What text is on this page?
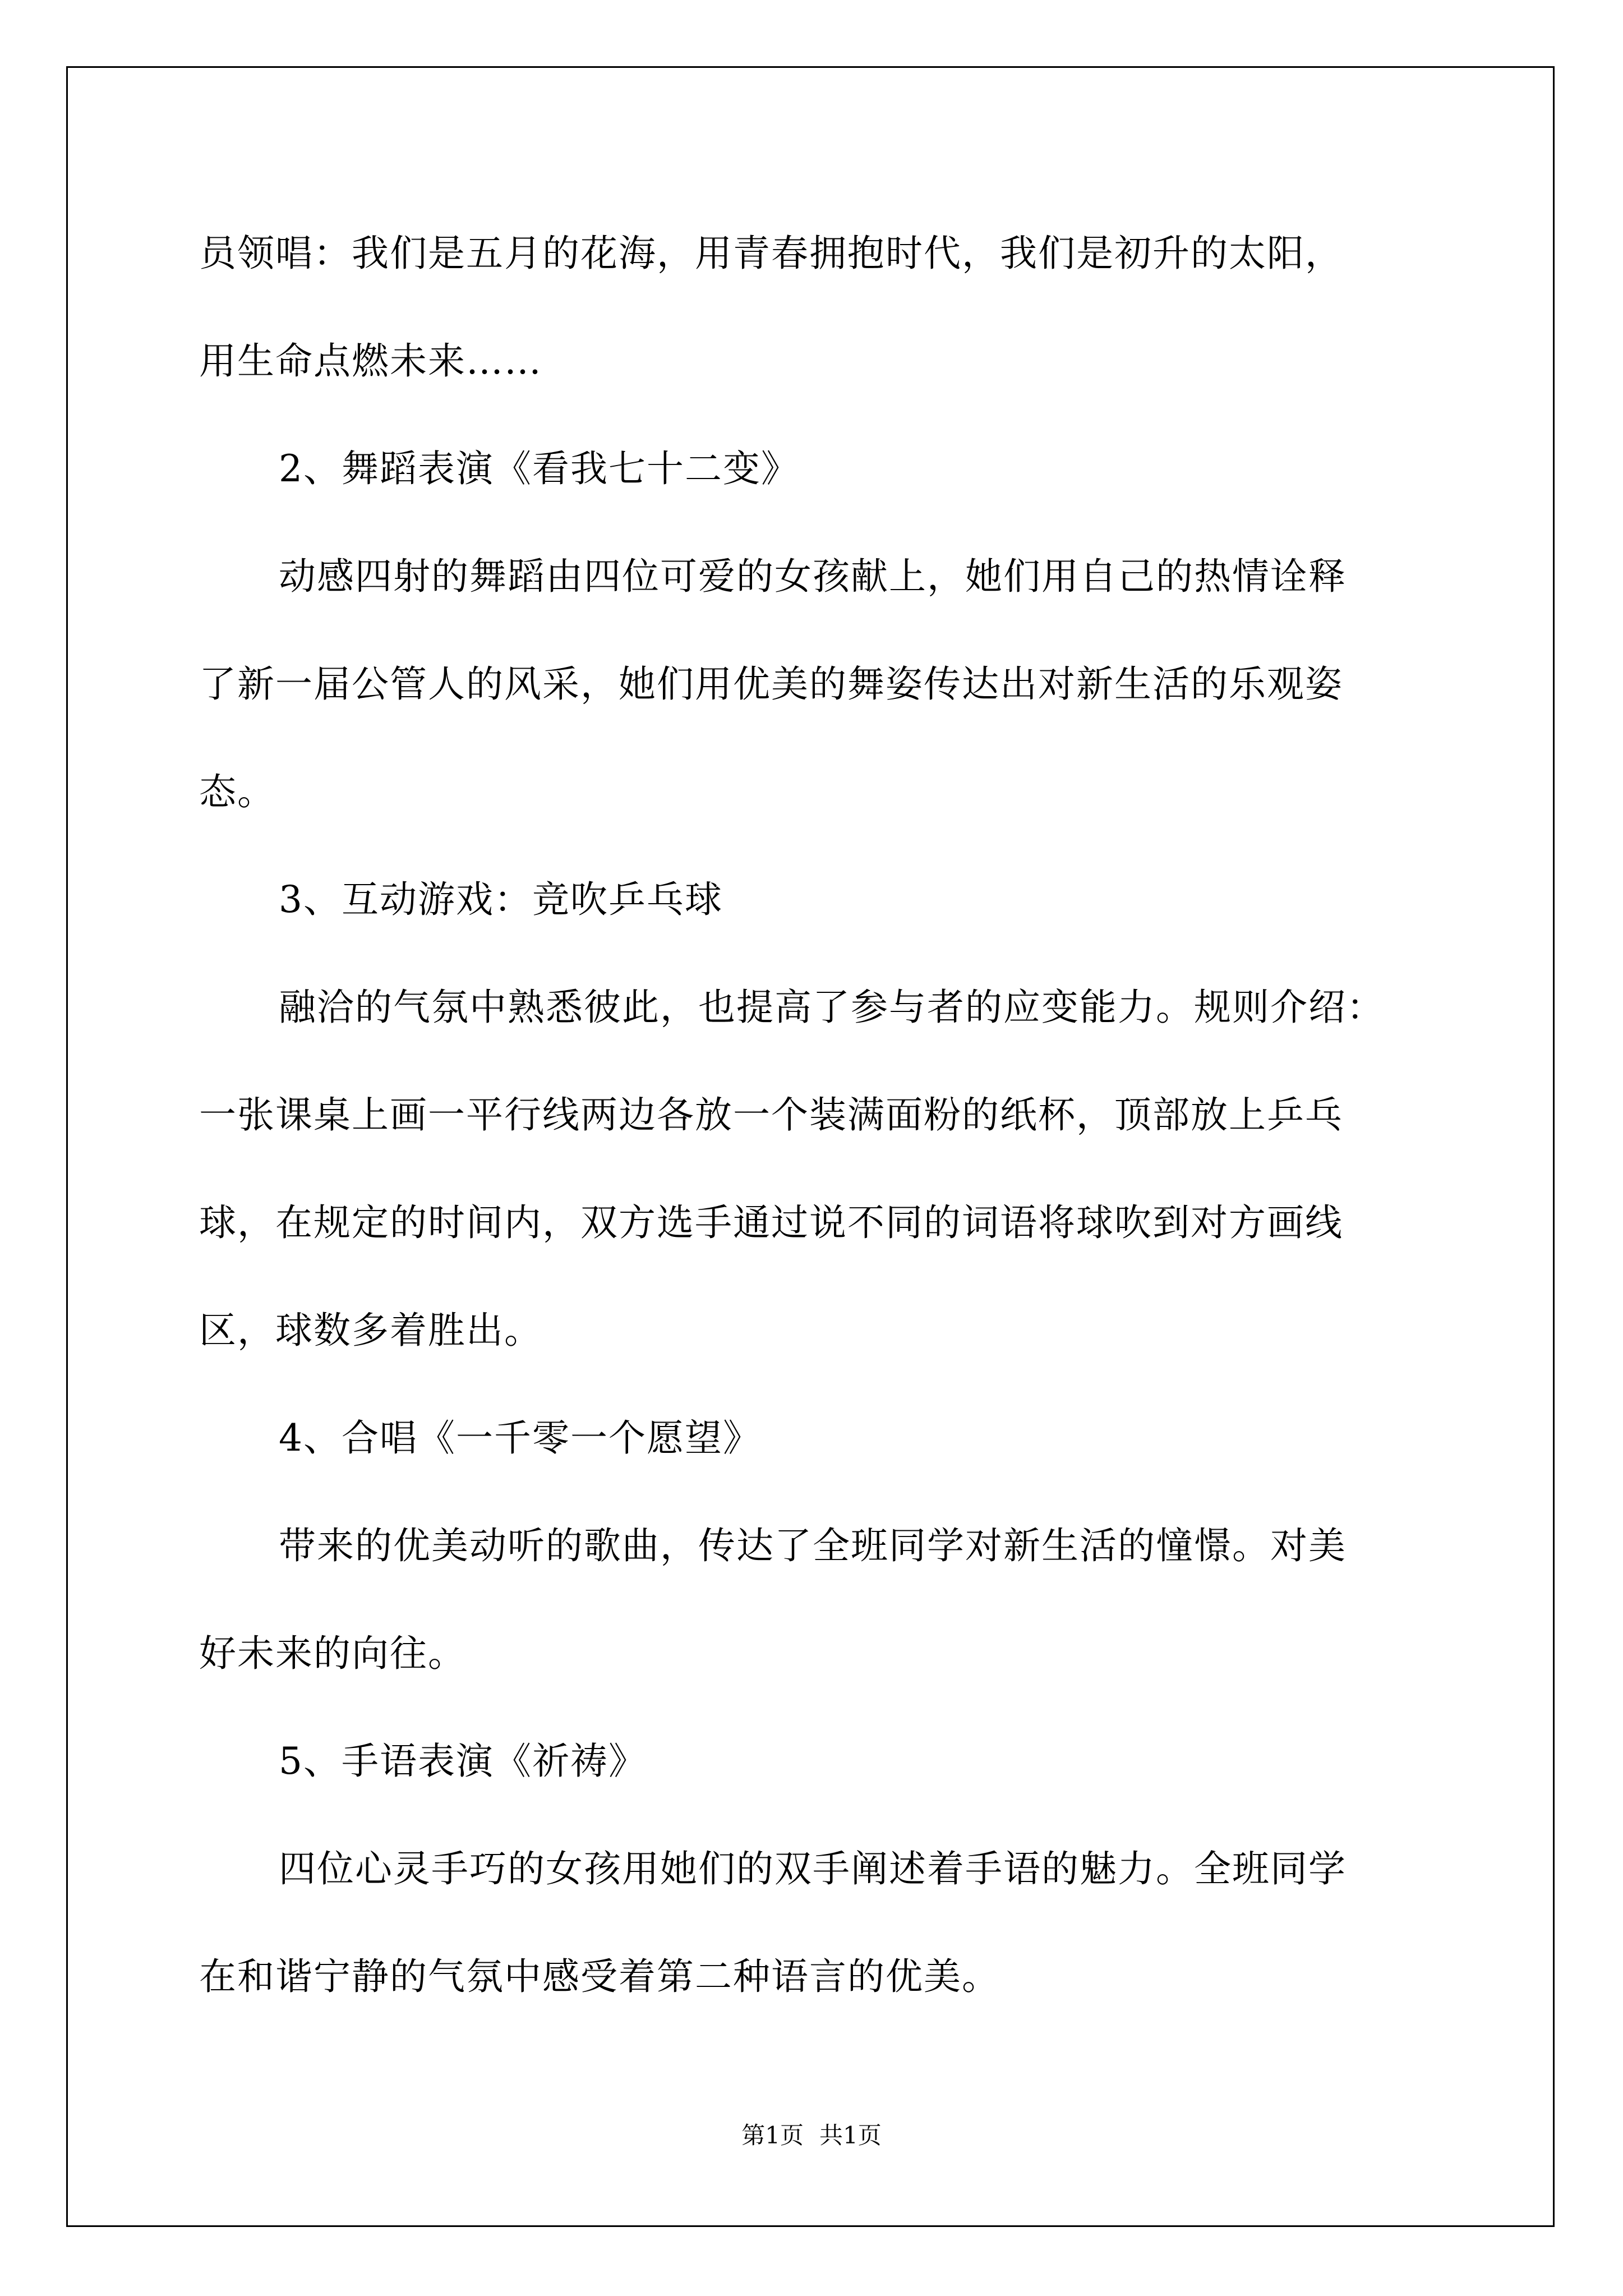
员领唱：我们是五月的花海，用青春拥抱时代，我们是初升的太阳，
用生命点燃未来……
2、舞蹈表演《看我七十二变》
动感四射的舞蹈由四位可爱的女孩献上，她们用自己的热情诠释
了新一届公管人的风采，她们用优美的舞姿传达出对新生活的乐观姿
态。
3、互动游戏：竞吹乒乓球
融洽的气氛中熟悉彼此，也提高了参与者的应变能力。规则介绍：
一张课桌上画一平行线两边各放一个装满面粉的纸杯，顶部放上乒乓
球，在规定的时间内，双方选手通过说不同的词语将球吹到对方画线
区，球数多着胜出。
4、合唱《一千零一个愿望》
带来的优美动听的歌曲，传达了全班同学对新生活的憧憬。对美
好未来的向往。
5、手语表演《祈祷》
四位心灵手巧的女孩用她们的双手阐述着手语的魅力。全班同学
在和谐宁静的气氛中感受着第二种语言的优美。
第1页 共1页
